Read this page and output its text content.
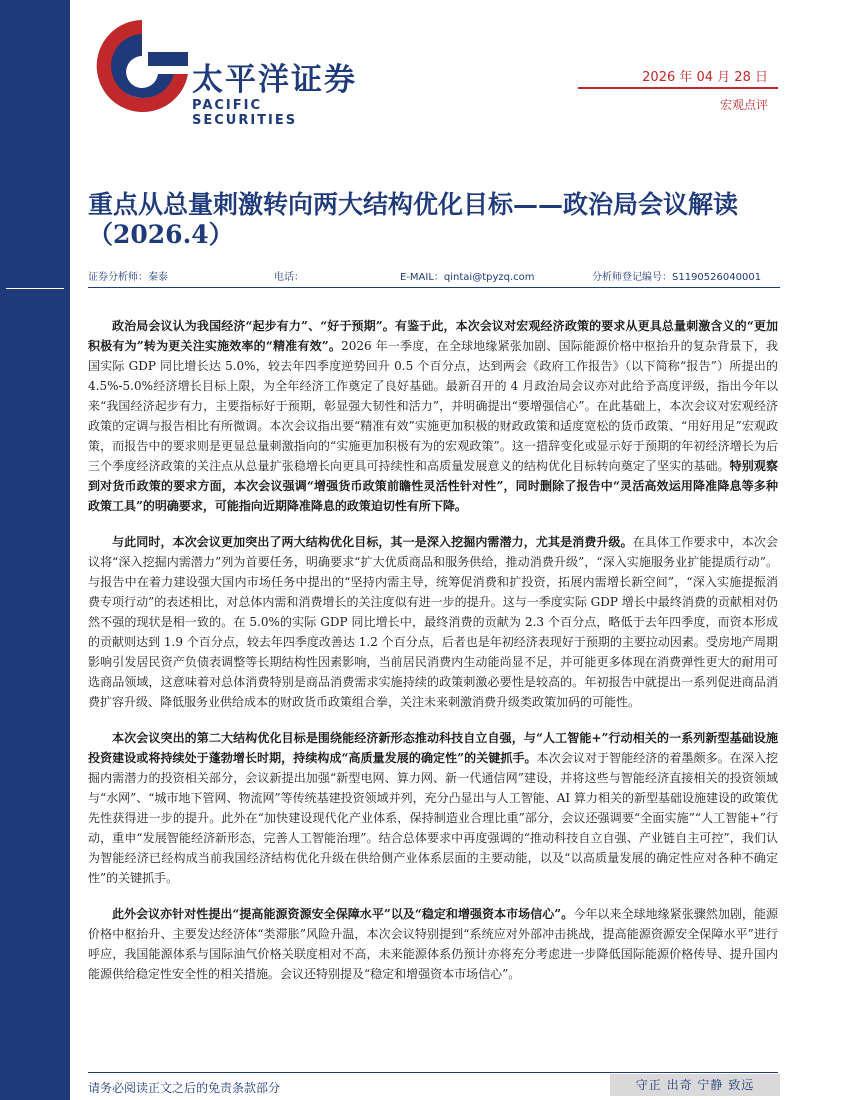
宏观研究
太平洋证券股份有限公司证券研究报告
太平洋证券
PACIFIC SECURITIES
2026 年 04 月 28 日
宏观点评
重点从总量刺激转向两大结构优化目标——政治局会议解读（2026.4）
证券分析师：秦泰	电话：	E-MAIL：qintai@tpyzq.com	分析师登记编号：S1190526040001

政治局会议认为我国经济“起步有力”、“好于预期”。有鉴于此，本次会议对宏观经济政策的要求从更具总量刺激含义的“更加积极有为”转为更关注实施效率的“精准有效”。2026 年一季度，在全球地缘紧张加剧、国际能源价格中枢抬升的复杂背景下，我国实际 GDP 同比增长达 5.0%，较去年四季度逆势回升 0.5 个百分点，达到两会《政府工作报告》（以下简称“报告”）所提出的 4.5%-5.0%经济增长目标上限，为全年经济工作奠定了良好基础。最新召开的 4 月政治局会议亦对此给予高度评级，指出今年以来“我国经济起步有力，主要指标好于预期，彰显强大韧性和活力”，并明确提出“要增强信心”。在此基础上，本次会议对宏观经济政策的定调与报告相比有所微调。本次会议指出要“精准有效”实施更加积极的财政政策和适度宽松的货币政策、“用好用足”宏观政策，而报告中的要求则是更显总量刺激指向的“实施更加积极有为的宏观政策”。这一措辞变化或显示好于预期的年初经济增长为后三个季度经济政策的关注点从总量扩张稳增长向更具可持续性和高质量发展意义的结构优化目标转向奠定了坚实的基础。特别观察到对货币政策的要求方面，本次会议强调“增强货币政策前瞻性灵活性针对性”，同时删除了报告中“灵活高效运用降准降息等多种政策工具”的明确要求，可能指向近期降准降息的政策迫切性有所下降。

与此同时，本次会议更加突出了两大结构优化目标，其一是深入挖掘内需潜力，尤其是消费升级。在具体工作要求中，本次会议将“深入挖掘内需潜力”列为首要任务，明确要求“扩大优质商品和服务供给，推动消费升级”，“深入实施服务业扩能提质行动”。与报告中在着力建设强大国内市场任务中提出的“坚持内需主导，统筹促消费和扩投资，拓展内需增长新空间”，“深入实施提振消费专项行动”的表述相比，对总体内需和消费增长的关注度似有进一步的提升。这与一季度实际 GDP 增长中最终消费的贡献相对仍然不强的现状是相一致的。在 5.0%的实际 GDP 同比增长中，最终消费的贡献为 2.3 个百分点，略低于去年四季度，而资本形成的贡献则达到 1.9 个百分点，较去年四季度改善达 1.2 个百分点，后者也是年初经济表现好于预期的主要拉动因素。受房地产周期影响引发居民资产负债表调整等长期结构性因素影响，当前居民消费内生动能尚显不足，并可能更多体现在消费弹性更大的耐用可选商品领域，这意味着对总体消费特别是商品消费需求实施持续的政策刺激必要性是较高的。年初报告中就提出一系列促进商品消费扩容升级、降低服务业供给成本的财政货币政策组合拳，关注未来刺激消费升级类政策加码的可能性。

本次会议突出的第二大结构优化目标是围绕能经济新形态推动科技自立自强，与“人工智能+”行动相关的一系列新型基础设施投资建设或将持续处于蓬勃增长时期，持续构成“高质量发展的确定性”的关键抓手。本次会议对于智能经济的着墨颇多。在深入挖掘内需潜力的投资相关部分，会议新提出加强“新型电网、算力网、新一代通信网”建设，并将这些与智能经济直接相关的投资领域与“水网”、“城市地下管网、物流网”等传统基建投资领域并列，充分凸显出与人工智能、AI 算力相关的新型基础设施建设的政策优先性获得进一步的提升。此外在“加快建设现代化产业体系，保持制造业合理比重”部分，会议还强调要“全面实施”“人工智能+”行动，重申“发展智能经济新形态，完善人工智能治理”。结合总体要求中再度强调的“推动科技自立自强、产业链自主可控”，我们认为智能经济已经构成当前我国经济结构优化升级在供给侧产业体系层面的主要动能，以及“以高质量发展的确定性应对各种不确定性”的关键抓手。

此外会议亦针对性提出“提高能源资源安全保障水平”以及“稳定和增强资本市场信心”。今年以来全球地缘紧张骤然加剧，能源价格中枢抬升、主要发达经济体“类滞胀”风险升温，本次会议特别提到“系统应对外部冲击挑战，提高能源资源安全保障水平”进行呼应，我国能源体系与国际油气价格关联度相对不高，未来能源体系仍预计亦将充分考虑进一步降低国际能源价格传导、提升国内能源供给稳定性安全性的相关措施。会议还特别提及“稳定和增强资本市场信心”。

请务必阅读正文之后的免责条款部分	守正 出奇 宁静 致远
